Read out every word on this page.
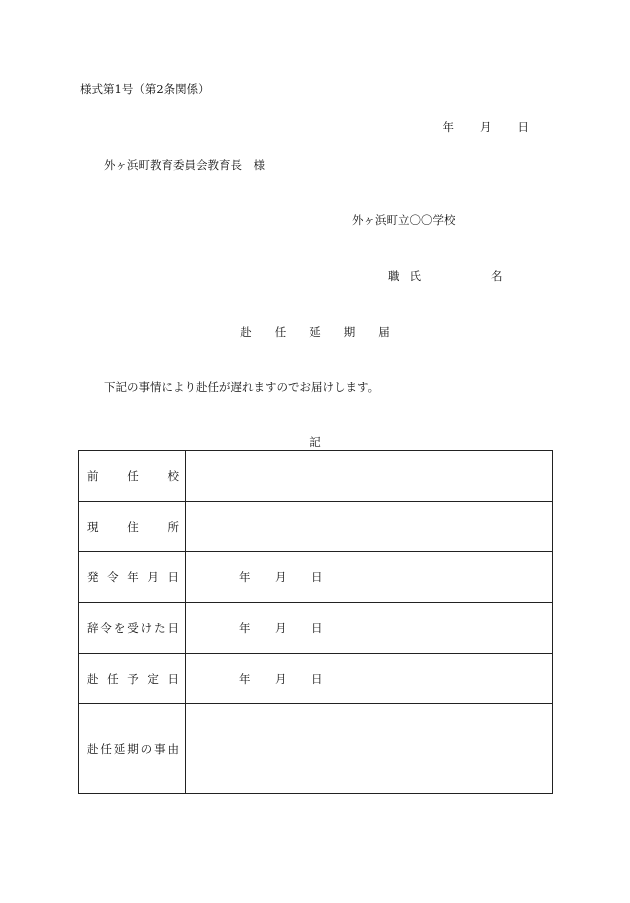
様式第1号（第2条関係）
年 月 日
外ヶ浜町教育委員会教育長　様
外ヶ浜町立〇〇学校
職 氏	名
赴　　任　　延　　期　　届
下記の事情により赴任が遅れますのでお届けします。
記
前任校	
現住所	
発令年月日	年 月 日

辞令を受けた日	年 月 日

赴任予定日	年 月 日

赴任延期の事由	
